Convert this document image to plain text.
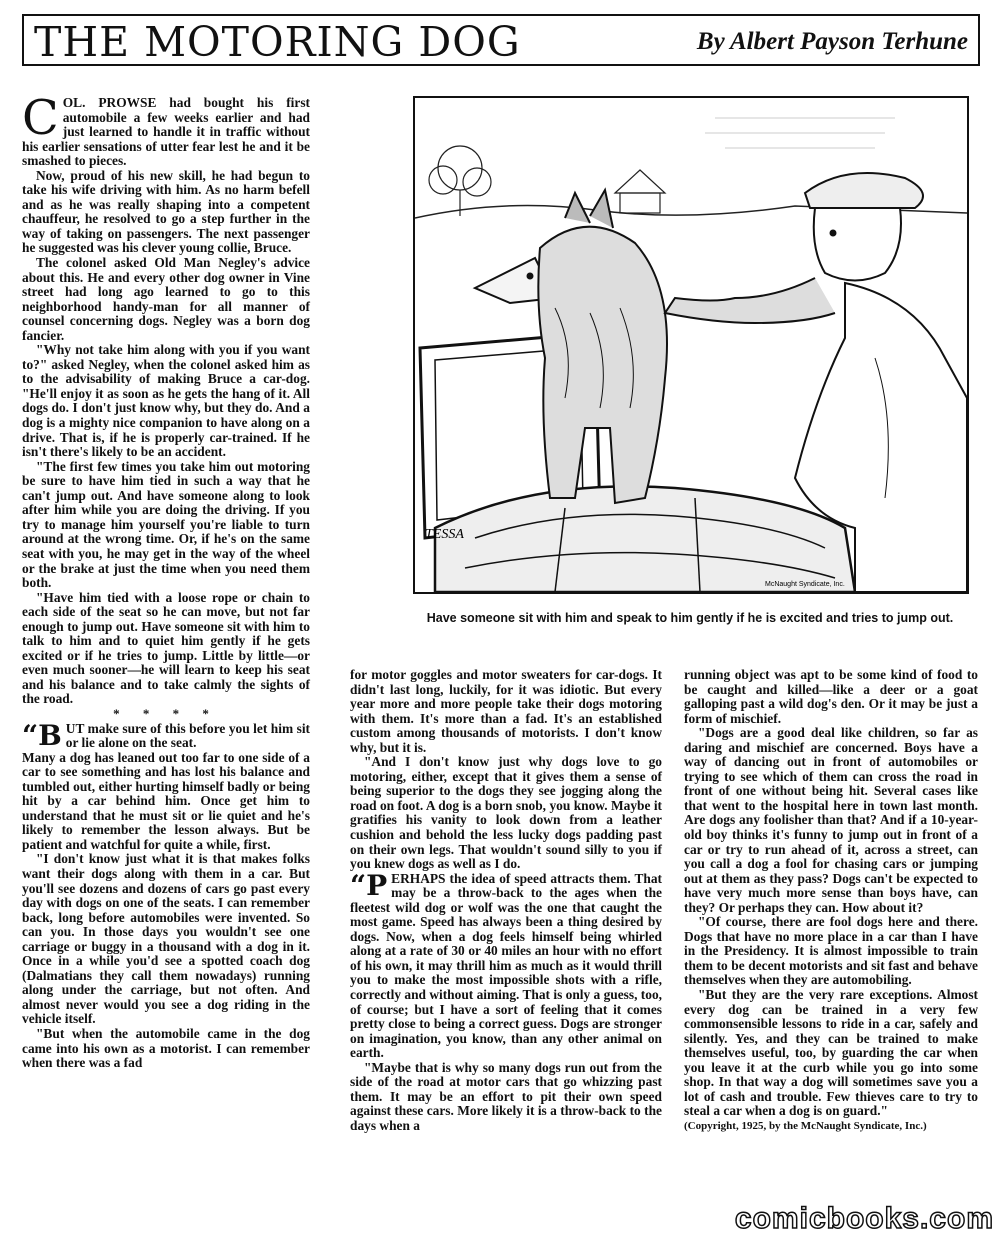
THE MOTORING DOG	By Albert Payson Terhune

COL. PROWSE had bought his first automobile a few weeks earlier and had just learned to handle it in traffic without his earlier sensations of utter fear lest he and it be smashed to pieces.

Now, proud of his new skill, he had begun to take his wife driving with him. As no harm befell and as he was really shaping into a competent chauffeur, he resolved to go a step further in the way of taking on passengers. The next passenger he suggested was his clever young collie, Bruce.

The colonel asked Old Man Negley's advice about this. He and every other dog owner in Vine street had long ago learned to go to this neighborhood handy-man for all manner of counsel concerning dogs. Negley was a born dog fancier.

"Why not take him along with you if you want to?" asked Negley, when the colonel asked him as to the advisability of making Bruce a car-dog. "He'll enjoy it as soon as he gets the hang of it. All dogs do. I don't just know why, but they do. And a dog is a mighty nice companion to have along on a drive. That is, if he is properly car-trained. If he isn't there's likely to be an accident.

"The first few times you take him out motoring be sure to have him tied in such a way that he can't jump out. And have someone along to look after him while you are doing the driving. If you try to manage him yourself you're liable to turn around at the wrong time. Or, if he's on the same seat with you, he may get in the way of the wheel or the brake at just the time when you need them both.

"Have him tied with a loose rope or chain to each side of the seat so he can move, but not far enough to jump out. Have someone sit with him to talk to him and to quiet him gently if he gets excited or if he tries to jump. Little by little—or even much sooner—he will learn to keep his seat and his balance and to take calmly the sights of the road.

* * * *

“BUT make sure of this before you let him sit or lie alone on the seat.

Many a dog has leaned out too far to one side of a car to see something and has lost his balance and tumbled out, either hurting himself badly or being hit by a car behind him. Once get him to understand that he must sit or lie quiet and he's likely to remember the lesson always. But be patient and watchful for quite a while, first.

"I don't know just what it is that makes folks want their dogs along with them in a car. But you'll see dozens and dozens of cars go past every day with dogs on one of the seats. I can remember back, long before automobiles were invented. So can you. In those days you wouldn't see one carriage or buggy in a thousand with a dog in it. Once in a while you'd see a spotted coach dog (Dalmatians they call them nowadays) running along under the carriage, but not often. And almost never would you see a dog riding in the vehicle itself.

"But when the automobile came in the dog came into his own as a motorist. I can remember when there was a fad

TESSA
McNaught Syndicate, Inc.
Have someone sit with him and speak to him gently if he is excited and tries to jump out.

for motor goggles and motor sweaters for car-dogs. It didn't last long, luckily, for it was idiotic. But every year more and more people take their dogs motoring with them. It's more than a fad. It's an established custom among thousands of motorists. I don't know why, but it is.

"And I don't know just why dogs love to go motoring, either, except that it gives them a sense of being superior to the dogs they see jogging along the road on foot. A dog is a born snob, you know. Maybe it gratifies his vanity to look down from a leather cushion and behold the less lucky dogs padding past on their own legs. That wouldn't sound silly to you if you knew dogs as well as I do.

“PERHAPS the idea of speed attracts them. That may be a throw-back to the ages when the fleetest wild dog or wolf was the one that caught the most game. Speed has always been a thing desired by dogs. Now, when a dog feels himself being whirled along at a rate of 30 or 40 miles an hour with no effort of his own, it may thrill him as much as it would thrill you to make the most impossible shots with a rifle, correctly and without aiming. That is only a guess, too, of course; but I have a sort of feeling that it comes pretty close to being a correct guess. Dogs are stronger on imagination, you know, than any other animal on earth.

"Maybe that is why so many dogs run out from the side of the road at motor cars that go whizzing past them. It may be an effort to pit their own speed against these cars. More likely it is a throw-back to the days when a

running object was apt to be some kind of food to be caught and killed—like a deer or a goat galloping past a wild dog's den. Or it may be just a form of mischief.

"Dogs are a good deal like children, so far as daring and mischief are concerned. Boys have a way of dancing out in front of automobiles or trying to see which of them can cross the road in front of one without being hit. Several cases like that went to the hospital here in town last month. Are dogs any foolisher than that? And if a 10-year-old boy thinks it's funny to jump out in front of a car or try to run ahead of it, across a street, can you call a dog a fool for chasing cars or jumping out at them as they pass? Dogs can't be expected to have very much more sense than boys have, can they? Or perhaps they can. How about it?

"Of course, there are fool dogs here and there. Dogs that have no more place in a car than I have in the Presidency. It is almost impossible to train them to be decent motorists and sit fast and behave themselves when they are automobiling.

"But they are the very rare exceptions. Almost every dog can be trained in a very few commonsensible lessons to ride in a car, safely and silently. Yes, and they can be trained to make themselves useful, too, by guarding the car when you leave it at the curb while you go into some shop. In that way a dog will sometimes save you a lot of cash and trouble. Few thieves care to try to steal a car when a dog is on guard."

(Copyright, 1925, by the McNaught Syndicate, Inc.)

comicbooks.com
